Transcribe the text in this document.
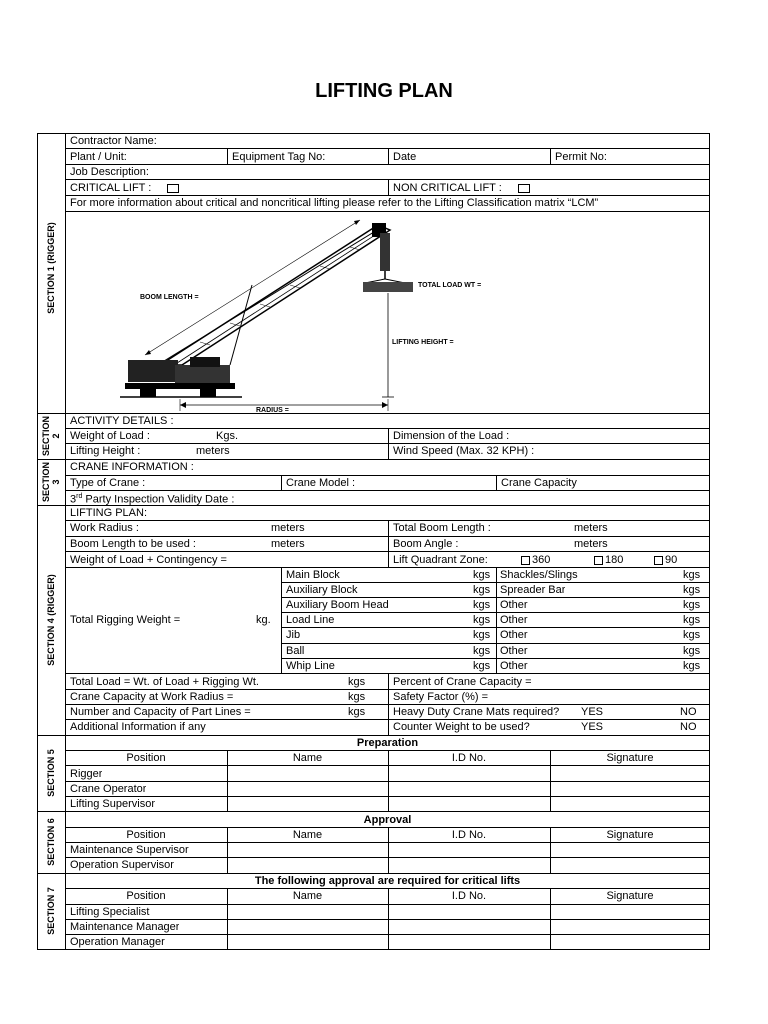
LIFTING PLAN
SECTION 1 (RIGGER)
SECTION
2
SECTION
3
SECTION 4 (RIGGER)
SECTION 5
SECTION 6
SECTION 7
Contractor Name:
Plant / Unit:	Equipment Tag No:	Date	Permit No:
Job Description:
CRITICAL LIFT :	NON CRITICAL LIFT :
For more information about critical and noncritical lifting please refer to the Lifting Classification matrix “LCM”
BOOM LENGTH =
TOTAL LOAD WT =
LIFTING HEIGHT =
RADIUS =
ACTIVITY DETAILS :
Weight of Load :	Kgs.	Dimension of the Load :
Lifting Height :	meters	Wind Speed (Max. 32 KPH) :
CRANE INFORMATION :
Type of Crane :	Crane Model :	Crane Capacity
3rd Party Inspection Validity Date :
LIFTING PLAN:
Work Radius :	meters	Total Boom Length :	meters
Boom Length to be used :	meters	Boom Angle :	meters
Weight of Load + Contingency =	Lift Quadrant Zone:	360	180	90
Total Rigging Weight =	kg.
Main Block	kgs Shackles/Slings	kgs
Auxiliary Block	kgs Spreader Bar	kgs
Auxiliary Boom Head	kgs Other	kgs
Load Line	kgs Other	kgs
Jib	kgs Other	kgs
Ball	kgs Other	kgs
Whip Line	kgs Other	kgs
Total Load = Wt. of Load + Rigging Wt.	kgs	Percent of Crane Capacity =
Crane Capacity at Work Radius =	kgs	Safety Factor (%) =
Number and Capacity of Part Lines =	kgs	Heavy Duty Crane Mats required? YES	NO
Additional Information if any	Counter Weight to be used?	YES	NO
Preparation
Position	Name	I.D No.	Signature
Rigger
Crane Operator
Lifting Supervisor
Approval
Position	Name	I.D No.	Signature
Maintenance Supervisor
Operation Supervisor
The following approval are required for critical lifts
Position	Name	I.D No.	Signature
Lifting Specialist
Maintenance Manager
Operation Manager
